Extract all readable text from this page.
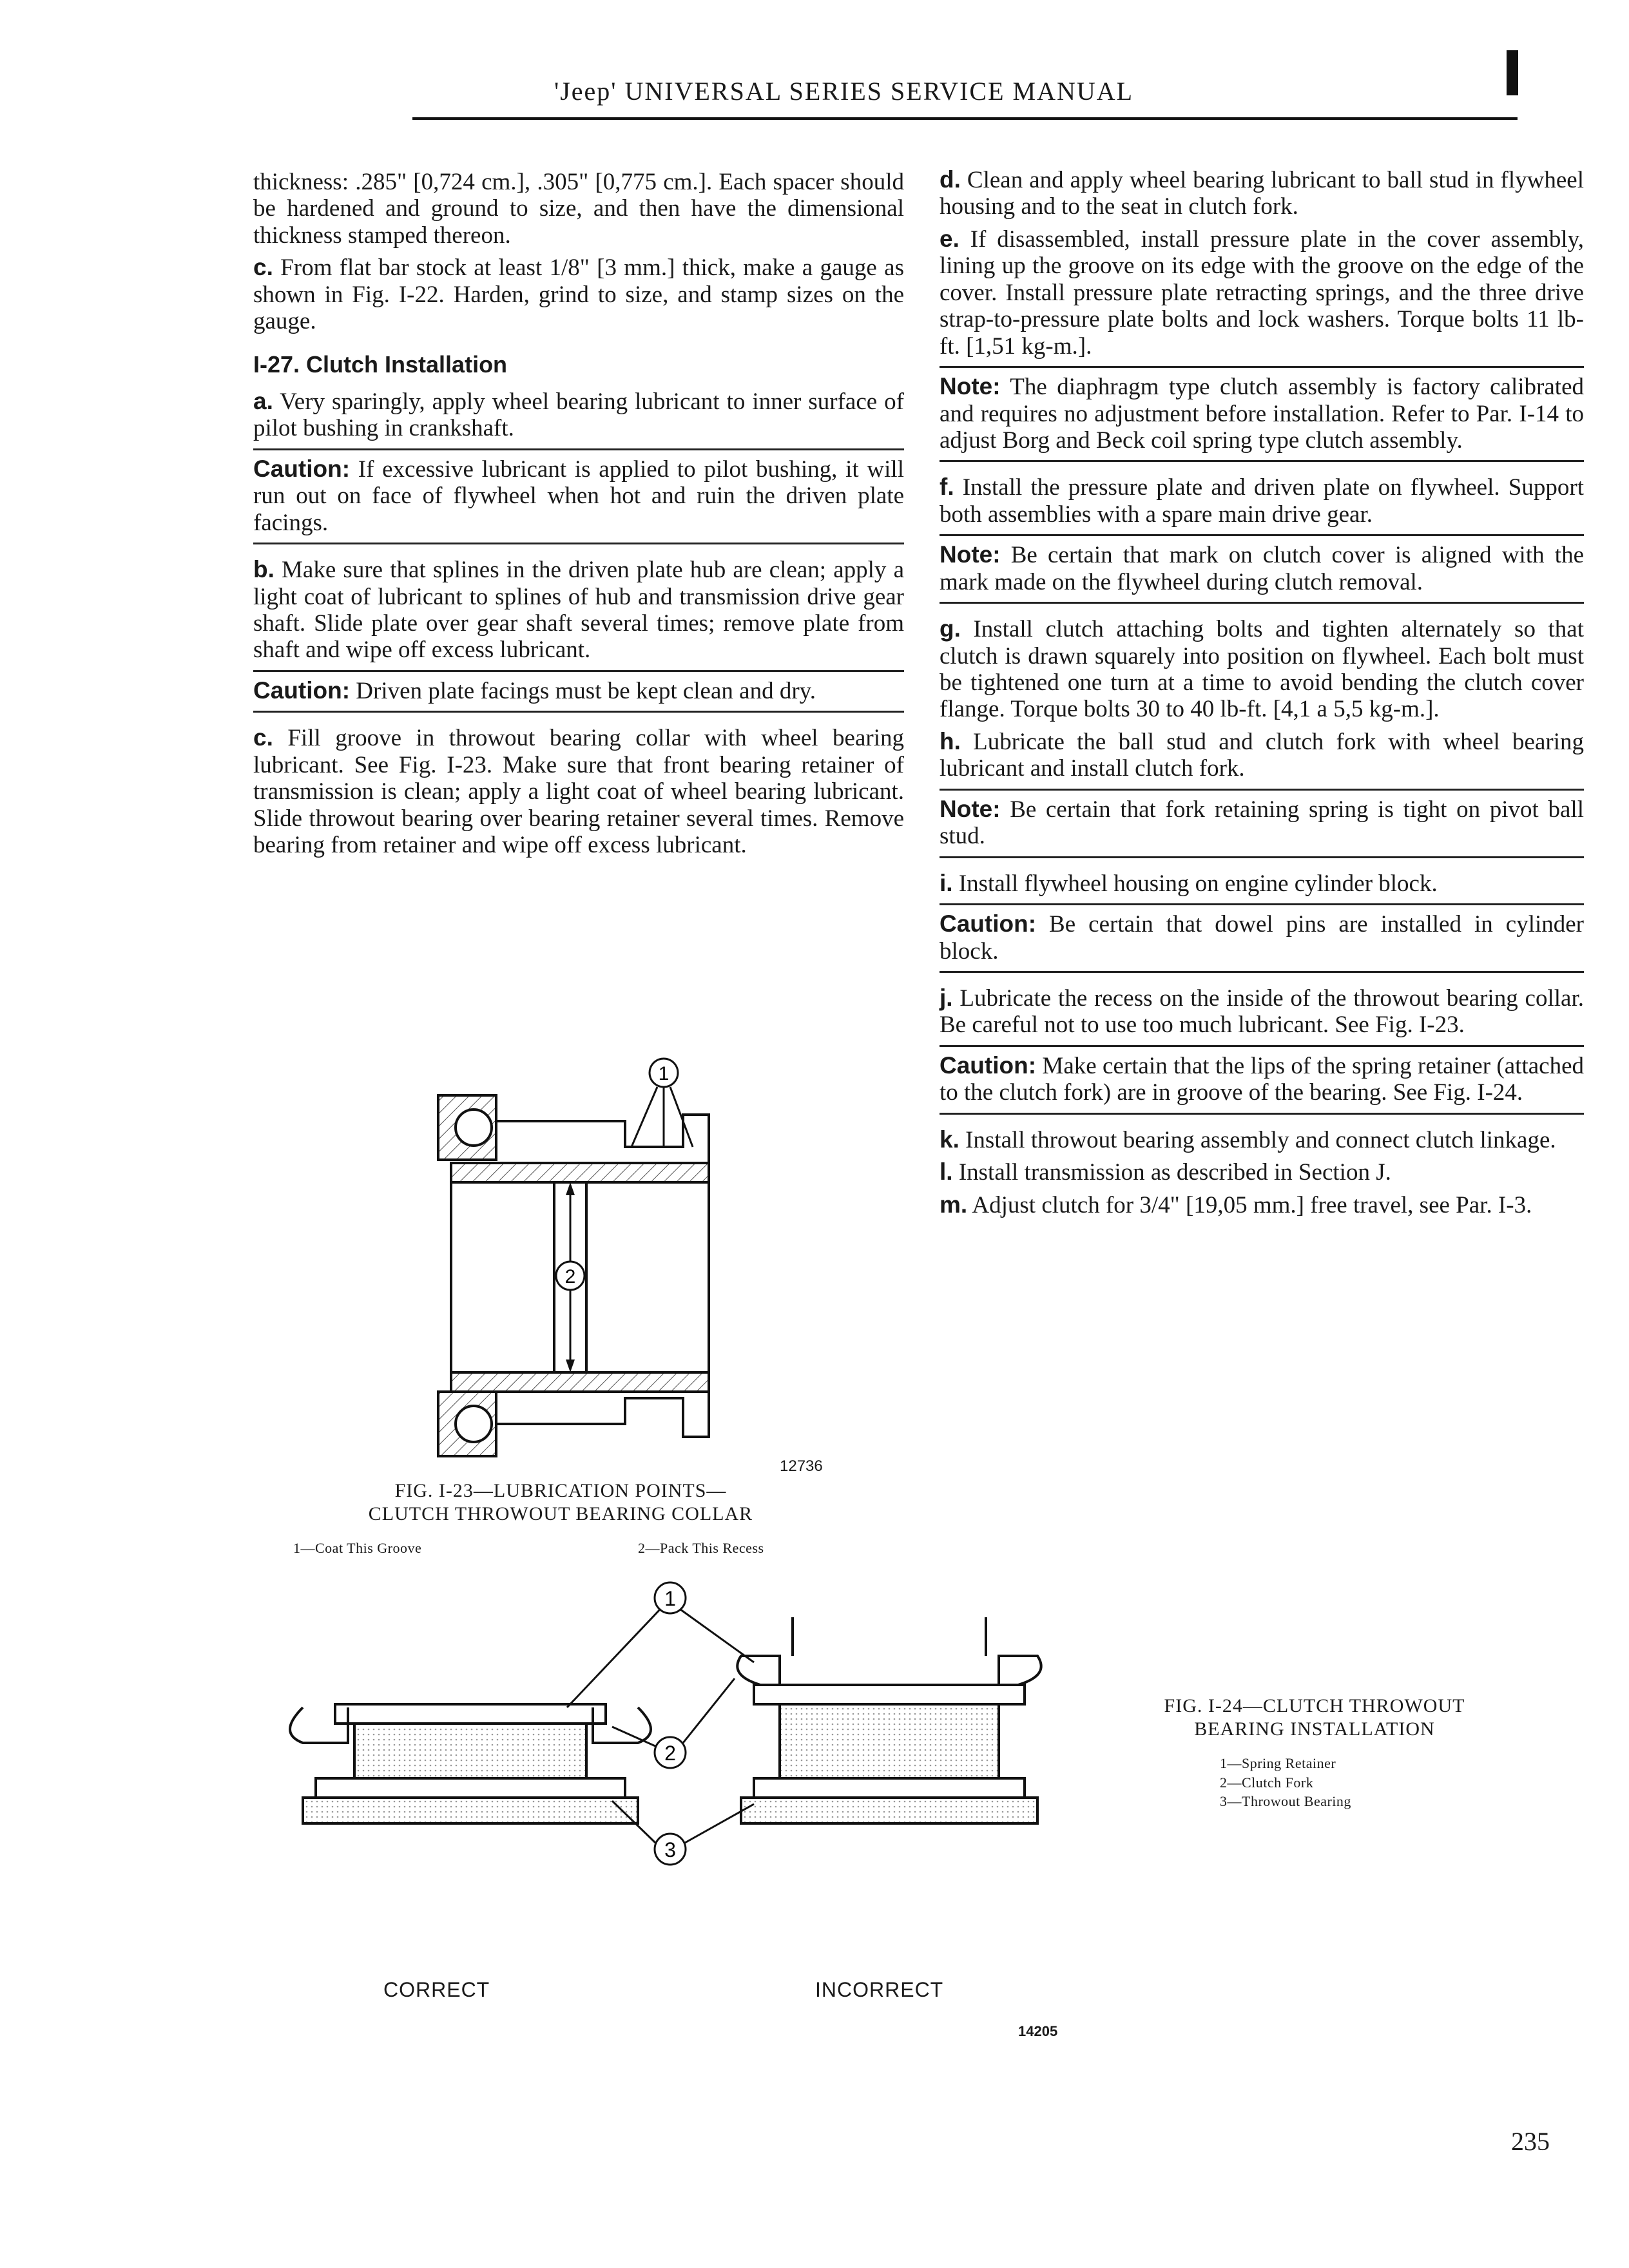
'Jeep' UNIVERSAL SERIES SERVICE MANUAL

thickness: .285" [0,724 cm.], .305" [0,775 cm.]. Each spacer should be hardened and ground to size, and then have the dimensional thickness stamped thereon.

c. From flat bar stock at least 1/8" [3 mm.] thick, make a gauge as shown in Fig. I-22. Harden, grind to size, and stamp sizes on the gauge.

I-27. Clutch Installation

a. Very sparingly, apply wheel bearing lubricant to inner surface of pilot bushing in crankshaft.

Caution: If excessive lubricant is applied to pilot bushing, it will run out on face of flywheel when hot and ruin the driven plate facings.

b. Make sure that splines in the driven plate hub are clean; apply a light coat of lubricant to splines of hub and transmission drive gear shaft. Slide plate over gear shaft several times; remove plate from shaft and wipe off excess lubricant.

Caution: Driven plate facings must be kept clean and dry.

c. Fill groove in throwout bearing collar with wheel bearing lubricant. See Fig. I-23. Make sure that front bearing retainer of transmission is clean; apply a light coat of wheel bearing lubricant. Slide throwout bearing over bearing retainer several times. Remove bearing from retainer and wipe off excess lubricant.

d. Clean and apply wheel bearing lubricant to ball stud in flywheel housing and to the seat in clutch fork.

e. If disassembled, install pressure plate in the cover assembly, lining up the groove on its edge with the groove on the edge of the cover. Install pressure plate retracting springs, and the three drive strap-to-pressure plate bolts and lock washers. Torque bolts 11 lb-ft. [1,51 kg-m.].

Note: The diaphragm type clutch assembly is factory calibrated and requires no adjustment before installation. Refer to Par. I-14 to adjust Borg and Beck coil spring type clutch assembly.

f. Install the pressure plate and driven plate on flywheel. Support both assemblies with a spare main drive gear.

Note: Be certain that mark on clutch cover is aligned with the mark made on the flywheel during clutch removal.

g. Install clutch attaching bolts and tighten alternately so that clutch is drawn squarely into position on flywheel. Each bolt must be tightened one turn at a time to avoid bending the clutch cover flange. Torque bolts 30 to 40 lb-ft. [4,1 a 5,5 kg-m.].

h. Lubricate the ball stud and clutch fork with wheel bearing lubricant and install clutch fork.

Note: Be certain that fork retaining spring is tight on pivot ball stud.

i. Install flywheel housing on engine cylinder block.

Caution: Be certain that dowel pins are installed in cylinder block.

j. Lubricate the recess on the inside of the throwout bearing collar. Be careful not to use too much lubricant. See Fig. I-23.

Caution: Make certain that the lips of the spring retainer (attached to the clutch fork) are in groove of the bearing. See Fig. I-24.

k. Install throwout bearing assembly and connect clutch linkage.

l. Install transmission as described in Section J.

m. Adjust clutch for 3/4" [19,05 mm.] free travel, see Par. I-3.

1
2
12736
FIG. I-23—LUBRICATION POINTS—
CLUTCH THROWOUT BEARING COLLAR
1—Coat This Groove	2—Pack This Recess
1
2
3
CORRECT	INCORRECT
14205
FIG. I-24—CLUTCH THROWOUT
BEARING INSTALLATION
1—Spring Retainer
2—Clutch Fork
3—Throwout Bearing
235
